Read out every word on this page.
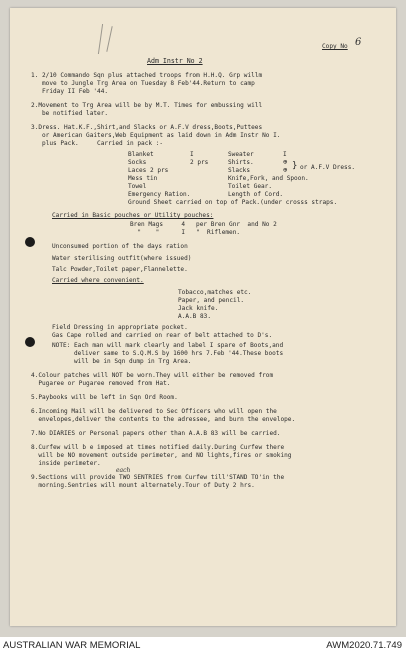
Copy No 6
Adm Instr No 2
1. 2/10 Commando Sqn plus attached troops from H.H.Q. Grp willm
move to Jungle Trg Area on Tuesday 8 Feb'44.Return to camp
Friday II Feb '44.
2.Movement to Trg Area will be by M.T. Times for embussing will
be notified later.
3.Dress. Hat.K.F.,Shirt,and Slacks or A.F.V dress,Boots,Puttees
or American Gaiters,Web Equipment as laid down in Adm Instr No I.
plus Pack.     Carried in pack :-
Blanket
Socks
Laces 2 prs
Mess tin
Towel
Emergency Ration.
I
2 prs
Sweater
Shirts.
Slacks
Knife,Fork, and Spoon.
Toilet Gear.
Length of Cord.
I
⊕
⊕ } or A.F.V Dress.
Ground Sheet carried on top of Pack.(under crosss straps.
Carried in Basic pouches or Utility pouches:
Bren Mags     4   per Bren Gnr  and No 2
"    "      I   "  Riflemen.
Unconsumed portion of the days ration
Water sterilising outfit(where issued)
Talc Powder,Toilet paper,Flannelette.
Carried where convenient.
Tobacco,matches etc.
Paper, and pencil.
Jack knife.
A.A.B 83.
Field Dressing in appropriate pocket.
Gas Cape rolled and carried on rear of belt attached to D's.
NOTE: Each man will mark clearly and label I spare of Boots,and
deliver same to S.Q.M.S by 1600 hrs 7.Feb '44.These boots
will be in Sqn dump in Trg Area.
4.Colour patches will NOT be worn.They will either be removed from
Pugaree or Pugaree removed from Hat.
5.Paybooks will be left in Sqn Ord Room.
6.Incoming Mail will be delivered to Sec Officers who will open the
envelopes,deliver the contents to the adressee, and burn the envelope.
7.No DIARIES or Personal papers other than A.A.B 83 will be carried.
8.Curfew will b e imposed at times notified daily.During Curfew there
will be NO movement outside perimeter, and NO lights,fires or smoking
inside perimeter.
each
9.Sections will provide TWO SENTRIES from Curfew till'STAND TO'in the
morning.Sentries will mount alternately.Tour of Duty 2 hrs.
AUSTRALIAN WAR MEMORIAL	AWM2020.71.749
